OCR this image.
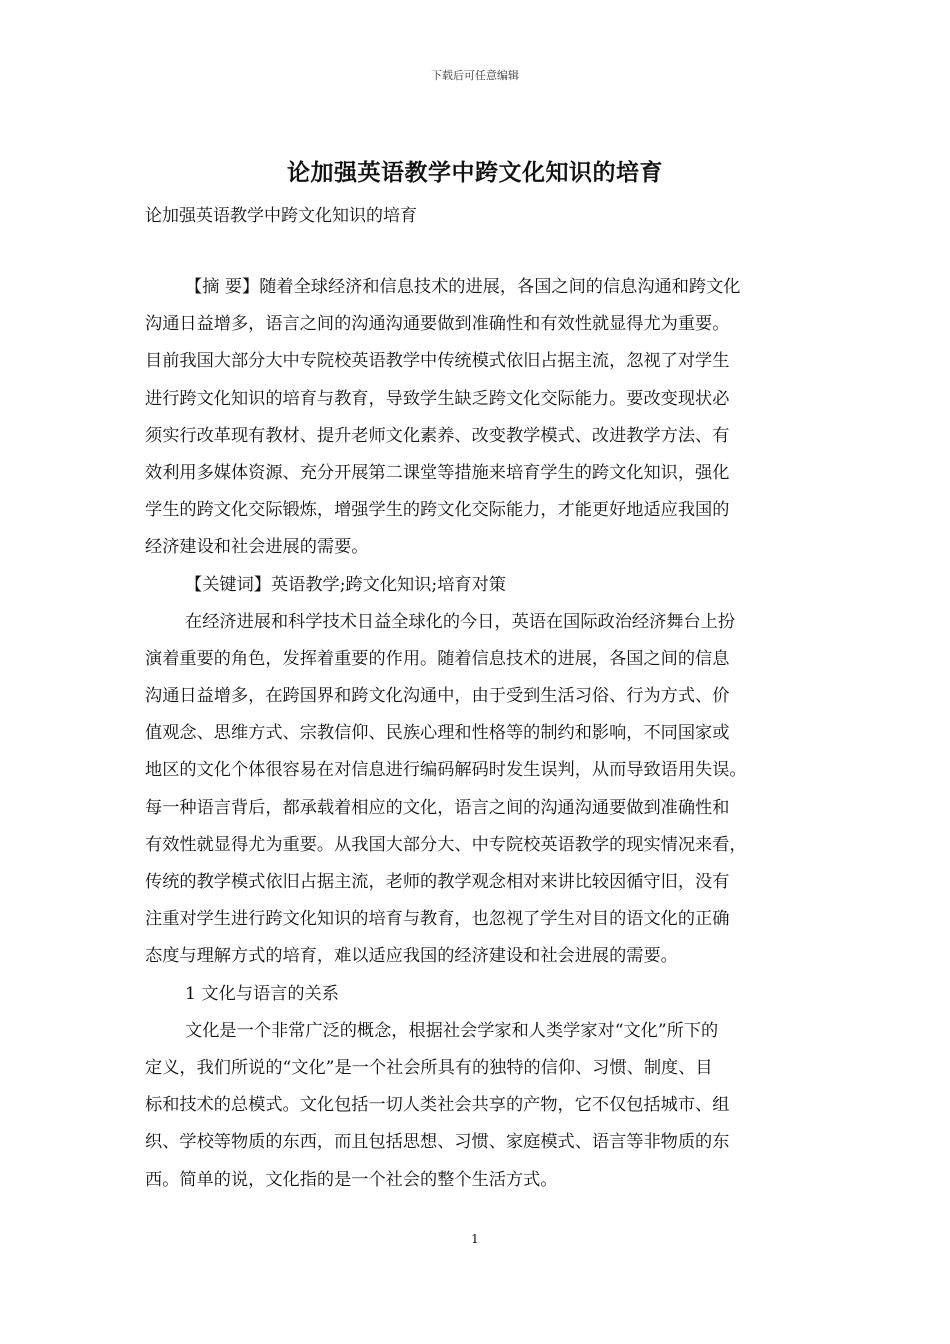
下载后可任意编辑
论加强英语教学中跨文化知识的培育
论加强英语教学中跨文化知识的培育
【摘 要】随着全球经济和信息技术的进展，各国之间的信息沟通和跨文化
沟通日益增多，语言之间的沟通沟通要做到准确性和有效性就显得尤为重要。
目前我国大部分大中专院校英语教学中传统模式依旧占据主流，忽视了对学生
进行跨文化知识的培育与教育，导致学生缺乏跨文化交际能力。要改变现状必
须实行改革现有教材、提升老师文化素养、改变教学模式、改进教学方法、有
效利用多媒体资源、充分开展第二课堂等措施来培育学生的跨文化知识，强化
学生的跨文化交际锻炼，增强学生的跨文化交际能力，才能更好地适应我国的
经济建设和社会进展的需要。
【关键词】英语教学;跨文化知识;培育对策
在经济进展和科学技术日益全球化的今日，英语在国际政治经济舞台上扮
演着重要的角色，发挥着重要的作用。随着信息技术的进展，各国之间的信息
沟通日益增多，在跨国界和跨文化沟通中，由于受到生活习俗、行为方式、价
值观念、思维方式、宗教信仰、民族心理和性格等的制约和影响，不同国家或
地区的文化个体很容易在对信息进行编码解码时发生误判，从而导致语用失误。
每一种语言背后，都承载着相应的文化，语言之间的沟通沟通要做到准确性和
有效性就显得尤为重要。从我国大部分大、中专院校英语教学的现实情况来看，
传统的教学模式依旧占据主流，老师的教学观念相对来讲比较因循守旧，没有
注重对学生进行跨文化知识的培育与教育，也忽视了学生对目的语文化的正确
态度与理解方式的培育，难以适应我国的经济建设和社会进展的需要。
1 文化与语言的关系
文化是一个非常广泛的概念，根据社会学家和人类学家对“文化”所下的
定义，我们所说的“文化”是一个社会所具有的独特的信仰、习惯、制度、目
标和技术的总模式。文化包括一切人类社会共享的产物，它不仅包括城市、组
织、学校等物质的东西，而且包括思想、习惯、家庭模式、语言等非物质的东
西。简单的说，文化指的是一个社会的整个生活方式。
1
